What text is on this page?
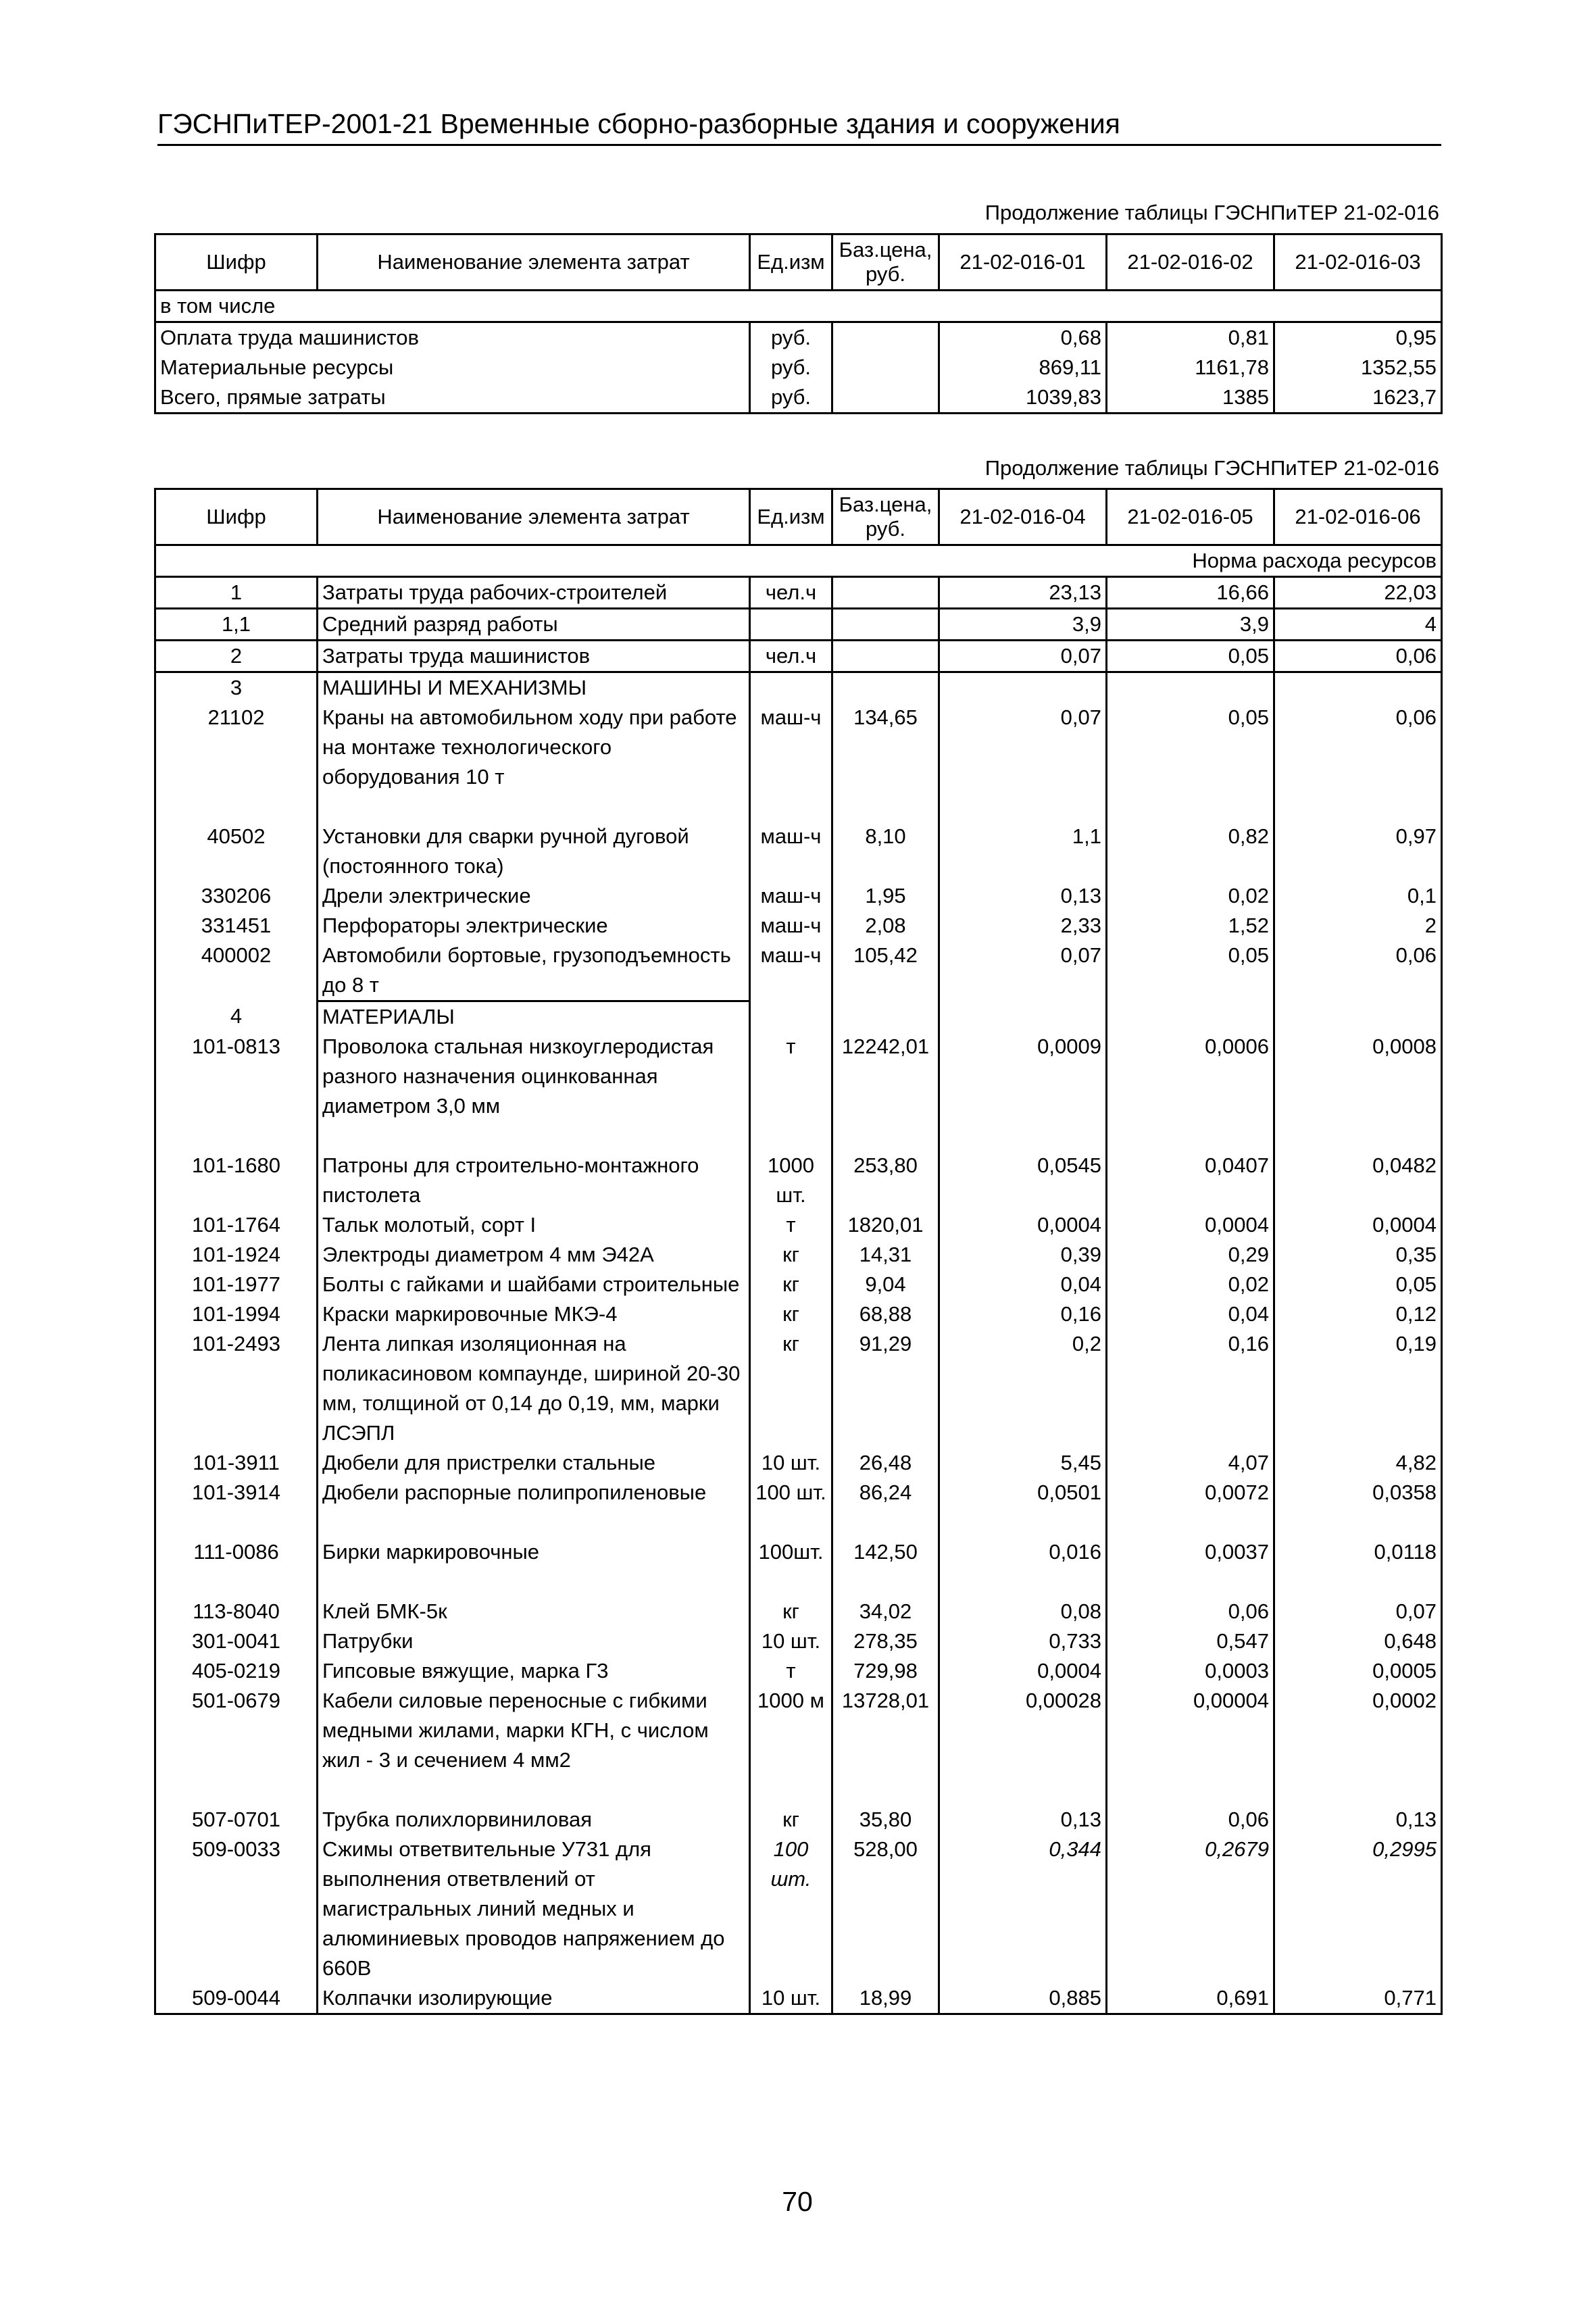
ГЭСНПиТЕР-2001-21 Временные сборно-разборные здания и сооружения
Продолжение таблицы ГЭСНПиТЕР 21-02-016
Шифр	Наименование элемента затрат	Ед.изм	Баз.цена, руб.	21-02-016-01	21-02-016-02	21-02-016-03
в том числе						
Оплата труда машинистов		руб.		0,68	0,81	0,95
Материальные ресурсы		руб.		869,11	1161,78	1352,55
Всего, прямые затраты		руб.		1039,83	1385	1623,7
Продолжение таблицы ГЭСНПиТЕР 21-02-016
Шифр	Наименование элемента затрат	Ед.изм	Баз.цена, руб.	21-02-016-04	21-02-016-05	21-02-016-06
Норма расхода ресурсов						
1	Затраты труда рабочих-строителей	чел.ч		23,13	16,66	22,03
1,1	Средний разряд работы			3,9	3,9	4
2	Затраты труда машинистов	чел.ч		0,07	0,05	0,06
3	МАШИНЫ И МЕХАНИЗМЫ					
21102	Краны на автомобильном ходу при работе на монтаже технологического оборудования 10 т	маш-ч	134,65	0,07	0,05	0,06

40502	Установки для сварки ручной дуговой (постоянного тока)	маш-ч	8,10	1,1	0,82	0,97
330206	Дрели электрические	маш-ч	1,95	0,13	0,02	0,1
331451	Перфораторы электрические	маш-ч	2,08	2,33	1,52	2
400002	Автомобили бортовые, грузоподъемность до 8 т	маш-ч	105,42	0,07	0,05	0,06
4	МАТЕРИАЛЫ					
101-0813	Проволока стальная низкоуглеродистая разного назначения оцинкованная диаметром 3,0 мм	т	12242,01	0,0009	0,0006	0,0008

101-1680	Патроны для строительно-монтажного пистолета	1000 шт.	253,80	0,0545	0,0407	0,0482
101-1764	Тальк молотый, сорт I	т	1820,01	0,0004	0,0004	0,0004
101-1924	Электроды диаметром 4 мм Э42А	кг	14,31	0,39	0,29	0,35
101-1977	Болты с гайками и шайбами строительные	кг	9,04	0,04	0,02	0,05
101-1994	Краски маркировочные МКЭ-4	кг	68,88	0,16	0,04	0,12
101-2493	Лента липкая изоляционная на поликасиновом компаунде, шириной 20-30 мм, толщиной от 0,14 до 0,19, мм, марки ЛСЭПЛ	кг	91,29	0,2	0,16	0,19
101-3911	Дюбели для пристрелки стальные	10 шт.	26,48	5,45	4,07	4,82
101-3914	Дюбели распорные полипропиленовые	100 шт.	86,24	0,0501	0,0072	0,0358

111-0086	Бирки маркировочные	100шт.	142,50	0,016	0,0037	0,0118

113-8040	Клей БМК-5к	кг	34,02	0,08	0,06	0,07
301-0041	Патрубки	10 шт.	278,35	0,733	0,547	0,648
405-0219	Гипсовые вяжущие, марка Г3	т	729,98	0,0004	0,0003	0,0005
501-0679	Кабели силовые переносные с гибкими медными жилами, марки КГН, с числом жил - 3 и сечением 4 мм2	1000 м	13728,01	0,00028	0,00004	0,0002

507-0701	Трубка полихлорвиниловая	кг	35,80	0,13	0,06	0,13
509-0033	Сжимы ответвительные У731 для выполнения ответвлений от магистральных линий медных и алюминиевых проводов напряжением до 660В	100 шт.	528,00	0,344	0,2679	0,2995
509-0044	Колпачки изолирующие	10 шт.	18,99	0,885	0,691	0,771
70
